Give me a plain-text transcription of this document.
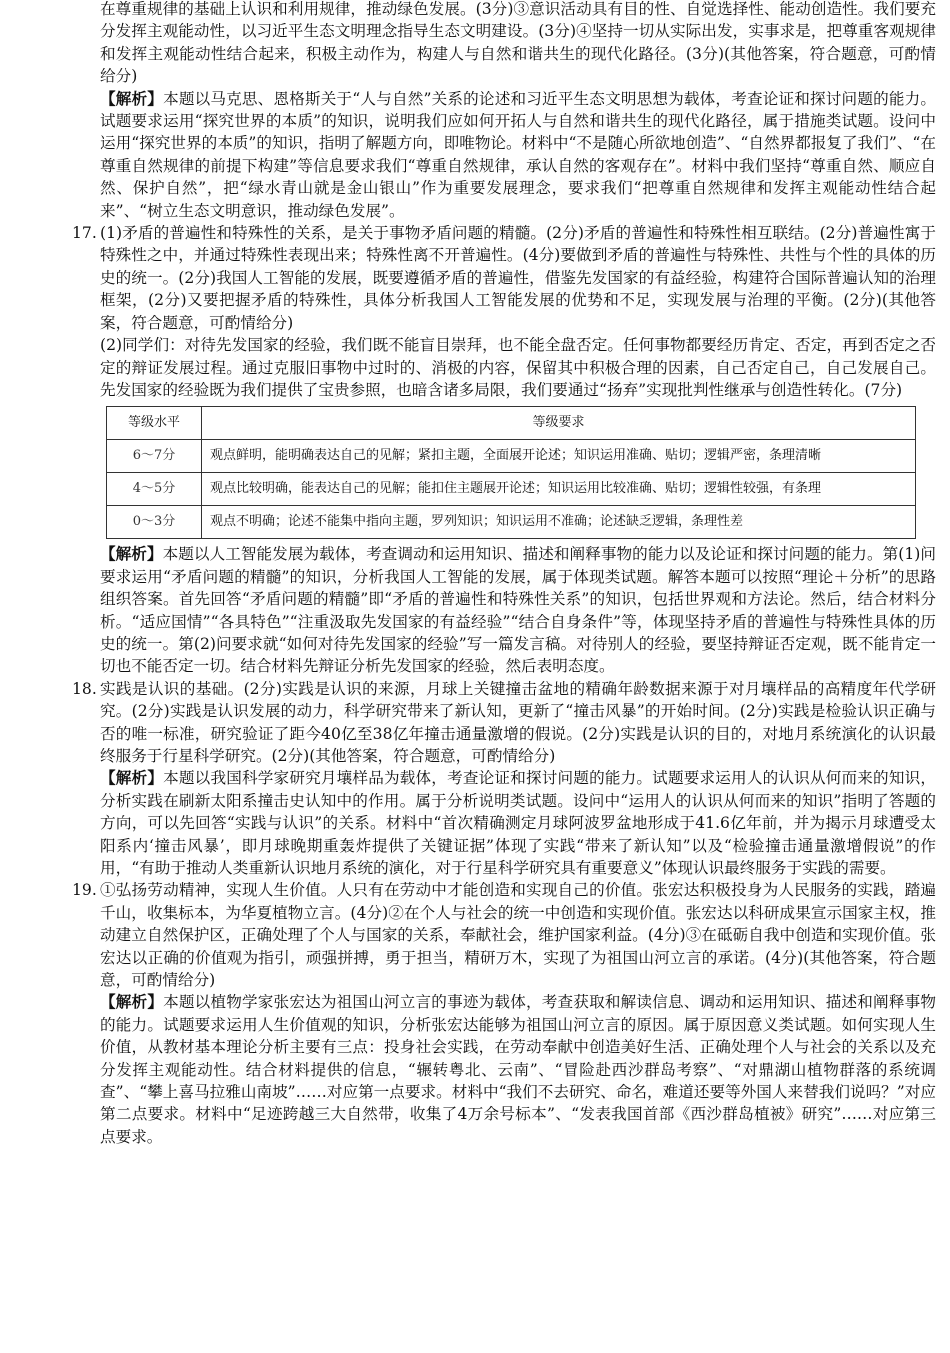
在尊重规律的基础上认识和利用规律，推动绿色发展。(3分)③意识活动具有目的性、自觉选择性、能动创造性。我们要充分发挥主观能动性，以习近平生态文明理念指导生态文明建设。(3分)④坚持一切从实际出发，实事求是，把尊重客观规律和发挥主观能动性结合起来，积极主动作为，构建人与自然和谐共生的现代化路径。(3分)(其他答案，符合题意，可酌情给分)

【解析】本题以马克思、恩格斯关于“人与自然”关系的论述和习近平生态文明思想为载体，考查论证和探讨问题的能力。试题要求运用“探究世界的本质”的知识，说明我们应如何开拓人与自然和谐共生的现代化路径，属于措施类试题。设问中运用“探究世界的本质”的知识，指明了解题方向，即唯物论。材料中“不是随心所欲地创造”、“自然界都报复了我们”、“在尊重自然规律的前提下构建”等信息要求我们“尊重自然规律，承认自然的客观存在”。材料中我们坚持“尊重自然、顺应自然、保护自然”，把“绿水青山就是金山银山”作为重要发展理念，要求我们“把尊重自然规律和发挥主观能动性结合起来”、“树立生态文明意识，推动绿色发展”。

17. (1)矛盾的普遍性和特殊性的关系，是关于事物矛盾问题的精髓。(2分)矛盾的普遍性和特殊性相互联结。(2分)普遍性寓于特殊性之中，并通过特殊性表现出来；特殊性离不开普遍性。(4分)要做到矛盾的普遍性与特殊性、共性与个性的具体的历史的统一。(2分)我国人工智能的发展，既要遵循矛盾的普遍性，借鉴先发国家的有益经验，构建符合国际普遍认知的治理框架，(2分)又要把握矛盾的特殊性，具体分析我国人工智能发展的优势和不足，实现发展与治理的平衡。(2分)(其他答案，符合题意，可酌情给分)

(2)同学们：对待先发国家的经验，我们既不能盲目崇拜，也不能全盘否定。任何事物都要经历肯定、否定，再到否定之否定的辩证发展过程。通过克服旧事物中过时的、消极的内容，保留其中积极合理的因素，自己否定自己，自己发展自己。先发国家的经验既为我们提供了宝贵参照，也暗含诸多局限，我们要通过“扬弃”实现批判性继承与创造性转化。(7分)

等级水平	等级要求
6～7分	观点鲜明，能明确表达自己的见解；紧扣主题，全面展开论述；知识运用准确、贴切；逻辑严密，条理清晰
4～5分	观点比较明确，能表达自己的见解；能扣住主题展开论述；知识运用比较准确、贴切；逻辑性较强，有条理
0～3分	观点不明确；论述不能集中指向主题，罗列知识；知识运用不准确；论述缺乏逻辑，条理性差

【解析】本题以人工智能发展为载体，考查调动和运用知识、描述和阐释事物的能力以及论证和探讨问题的能力。第(1)问要求运用“矛盾问题的精髓”的知识，分析我国人工智能的发展，属于体现类试题。解答本题可以按照“理论＋分析”的思路组织答案。首先回答“矛盾问题的精髓”即“矛盾的普遍性和特殊性关系”的知识，包括世界观和方法论。然后，结合材料分析。“适应国情”“各具特色”“注重汲取先发国家的有益经验”“结合自身条件”等，体现坚持矛盾的普遍性与特殊性具体的历史的统一。第(2)问要求就“如何对待先发国家的经验”写一篇发言稿。对待别人的经验，要坚持辩证否定观，既不能肯定一切也不能否定一切。结合材料先辩证分析先发国家的经验，然后表明态度。

18. 实践是认识的基础。(2分)实践是认识的来源，月球上关键撞击盆地的精确年龄数据来源于对月壤样品的高精度年代学研究。(2分)实践是认识发展的动力，科学研究带来了新认知，更新了“撞击风暴”的开始时间。(2分)实践是检验认识正确与否的唯一标准，研究验证了距今40亿至38亿年撞击通量激增的假说。(2分)实践是认识的目的，对地月系统演化的认识最终服务于行星科学研究。(2分)(其他答案，符合题意，可酌情给分)

【解析】本题以我国科学家研究月壤样品为载体，考查论证和探讨问题的能力。试题要求运用人的认识从何而来的知识，分析实践在刷新太阳系撞击史认知中的作用。属于分析说明类试题。设问中“运用人的认识从何而来的知识”指明了答题的方向，可以先回答“实践与认识”的关系。材料中“首次精确测定月球阿波罗盆地形成于41.6亿年前，并为揭示月球遭受太阳系内‘撞击风暴’，即月球晚期重轰炸提供了关键证据”体现了实践“带来了新认知”以及“检验撞击通量激增假说”的作用，“有助于推动人类重新认识地月系统的演化，对于行星科学研究具有重要意义”体现认识最终服务于实践的需要。

19. ①弘扬劳动精神，实现人生价值。人只有在劳动中才能创造和实现自己的价值。张宏达积极投身为人民服务的实践，踏遍千山，收集标本，为华夏植物立言。(4分)②在个人与社会的统一中创造和实现价值。张宏达以科研成果宣示国家主权，推动建立自然保护区，正确处理了个人与国家的关系，奉献社会，维护国家利益。(4分)③在砥砺自我中创造和实现价值。张宏达以正确的价值观为指引，顽强拼搏，勇于担当，精研万木，实现了为祖国山河立言的承诺。(4分)(其他答案，符合题意，可酌情给分)

【解析】本题以植物学家张宏达为祖国山河立言的事迹为载体，考查获取和解读信息、调动和运用知识、描述和阐释事物的能力。试题要求运用人生价值观的知识，分析张宏达能够为祖国山河立言的原因。属于原因意义类试题。如何实现人生价值，从教材基本理论分析主要有三点：投身社会实践，在劳动奉献中创造美好生活、正确处理个人与社会的关系以及充分发挥主观能动性。结合材料提供的信息，“辗转粤北、云南”、“冒险赴西沙群岛考察”、“对鼎湖山植物群落的系统调查”、“攀上喜马拉雅山南坡”……对应第一点要求。材料中“我们不去研究、命名，难道还要等外国人来替我们说吗？”对应第二点要求。材料中“足迹跨越三大自然带，收集了4万余号标本”、“发表我国首部《西沙群岛植被》研究”……对应第三点要求。
